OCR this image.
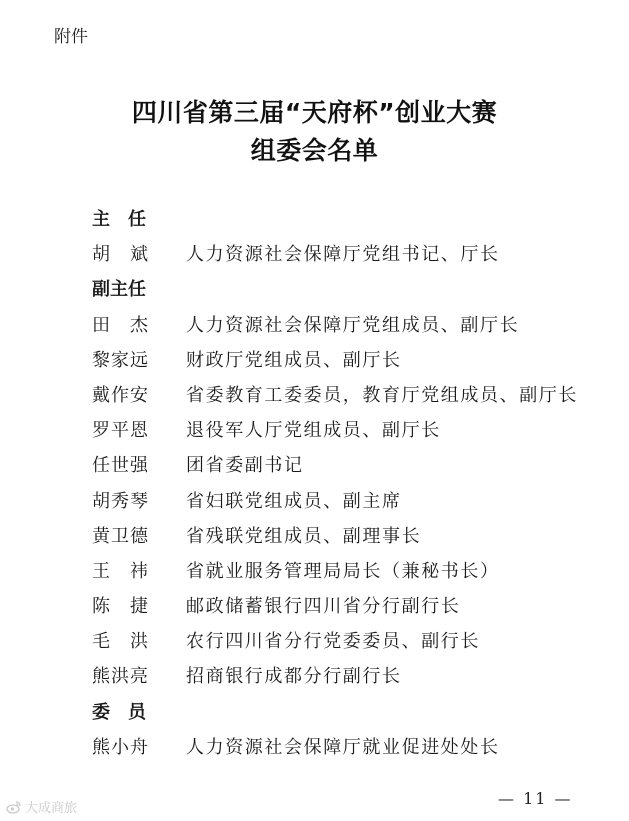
附件
四川省第三届“天府杯”创业大赛
组委会名单
主　任
胡　斌 人力资源社会保障厅党组书记、厅长
副主任
田　杰 人力资源社会保障厅党组成员、副厅长
黎家远 财政厅党组成员、副厅长
戴作安 省委教育工委委员，教育厅党组成员、副厅长
罗平恩 退役军人厅党组成员、副厅长
任世强 团省委副书记
胡秀琴 省妇联党组成员、副主席
黄卫德 省残联党组成员、副理事长
王　祎 省就业服务管理局局长（兼秘书长）
陈　捷 邮政储蓄银行四川省分行副行长
毛　洪 农行四川省分行党委委员、副行长
熊洪亮 招商银行成都分行副行长
委　员
熊小舟 人力资源社会保障厅就业促进处处长
大成商旅
— 11 —
